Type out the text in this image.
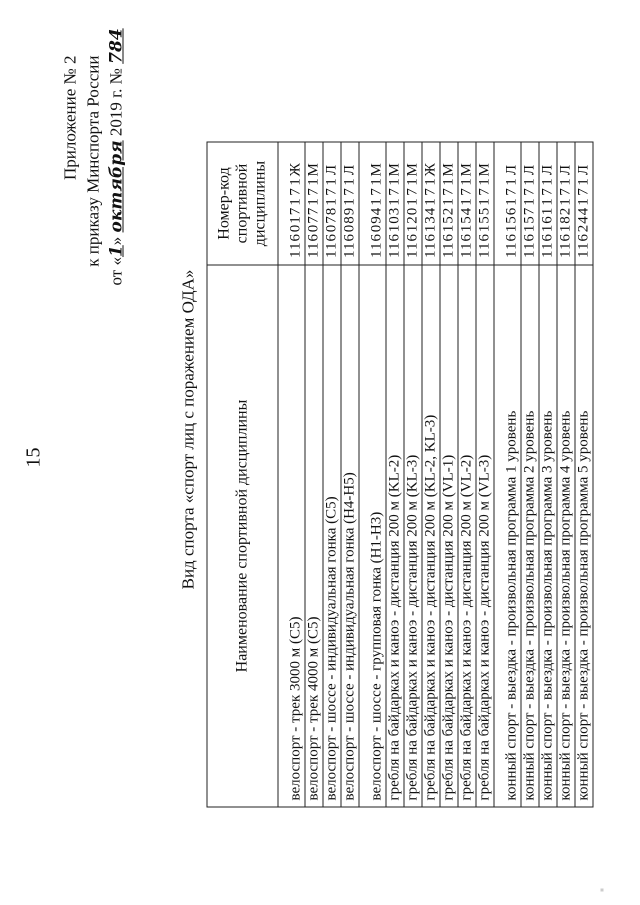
15
Приложение № 2 к приказу Минспорта России
от «1» октября 2019 г. № 784
Вид спорта «спорт лиц с поражением ОДА» Наименование спортивной дисциплины	Номер-код спортивной дисциплины
велоспорт - трек 3000 м (С5)	116017171Ж
велоспорт - трек 4000 м (С5)	116077171М
велоспорт - шоссе - индивидуальная гонка (С5)	116078171Л
велоспорт - шоссе - индивидуальная гонка (Н4-Н5)	116089171Л
велоспорт - шоссе - групповая гонка (Н1-Н3)	116094171М
гребля на байдарках и каноэ - дистанция 200 м (KL-2)	116103171М
гребля на байдарках и каноэ - дистанция 200 м (KL-3)	116120171М
гребля на байдарках и каноэ - дистанция 200 м (KL-2, KL-3)	116134171Ж
гребля на байдарках и каноэ - дистанция 200 м (VL-1)	116152171М
гребля на байдарках и каноэ - дистанция 200 м (VL-2)	116154171М
гребля на байдарках и каноэ - дистанция 200 м (VL-3)	116155171М
конный спорт - выездка - произвольная программа 1 уровень	116156171Л
конный спорт - выездка - произвольная программа 2 уровень	116157171Л
конный спорт - выездка - произвольная программа 3 уровень	116161171Л
конный спорт - выездка - произвольная программа 4 уровень	116182171Л
конный спорт - выездка - произвольная программа 5 уровень	116244171Л
